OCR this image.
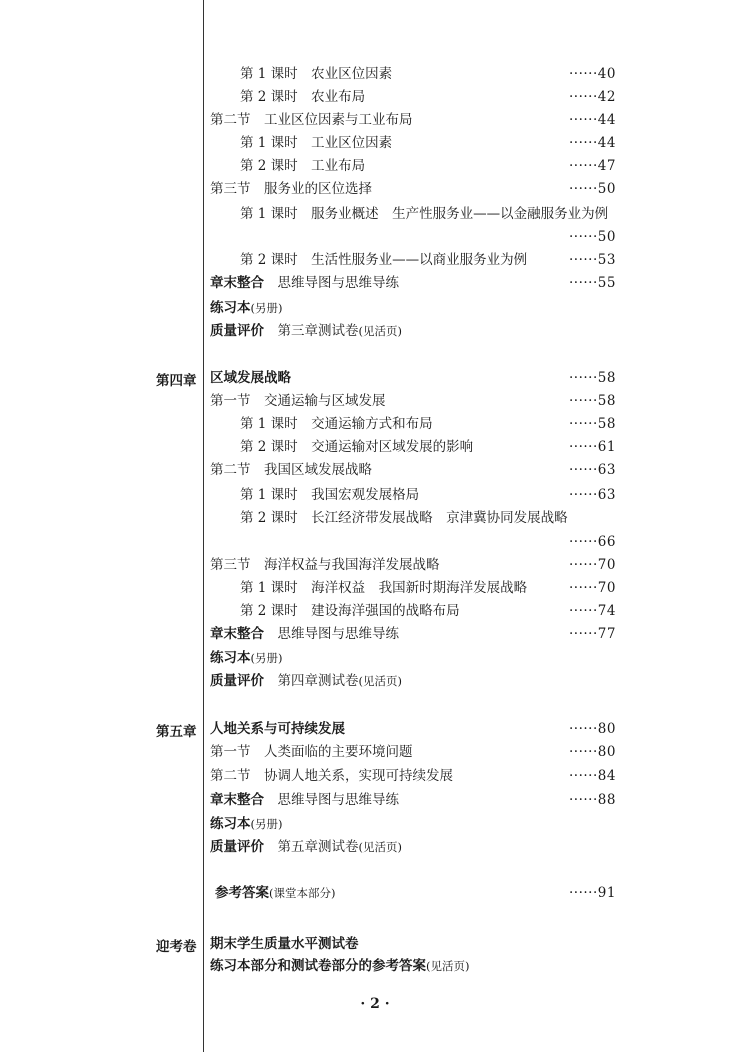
第 1 课时　农业区位因素	······40
第 2 课时　农业布局	······42
第二节　工业区位因素与工业布局	······44
第 1 课时　工业区位因素	······44
第 2 课时　工业布局	······47
第三节　服务业的区位选择	······50
第 1 课时　服务业概述　生产性服务业——以金融服务业为例
······50
第 2 课时　生活性服务业——以商业服务业为例	······53
章末整合　思维导图与思维导练	······55
练习本(另册)
质量评价　第三章测试卷(见活页)
第四章 区域发展战略	······58
第一节　交通运输与区域发展	······58
第 1 课时　交通运输方式和布局	······58
第 2 课时　交通运输对区域发展的影响	······61
第二节　我国区域发展战略	······63
第 1 课时　我国宏观发展格局	······63
第 2 课时　长江经济带发展战略　京津冀协同发展战略
······66
第三节　海洋权益与我国海洋发展战略	······70
第 1 课时　海洋权益　我国新时期海洋发展战略	······70
第 2 课时　建设海洋强国的战略布局	······74
章末整合　思维导图与思维导练	······77
练习本(另册)
质量评价　第四章测试卷(见活页)
第五章 人地关系与可持续发展	······80
第一节　人类面临的主要环境问题	······80
第二节　协调人地关系，实现可持续发展	······84
章末整合　思维导图与思维导练	······88
练习本(另册)
质量评价　第五章测试卷(见活页)
参考答案(课堂本部分)	······91
迎考卷 期末学生质量水平测试卷
练习本部分和测试卷部分的参考答案(见活页)
· 2 ·
